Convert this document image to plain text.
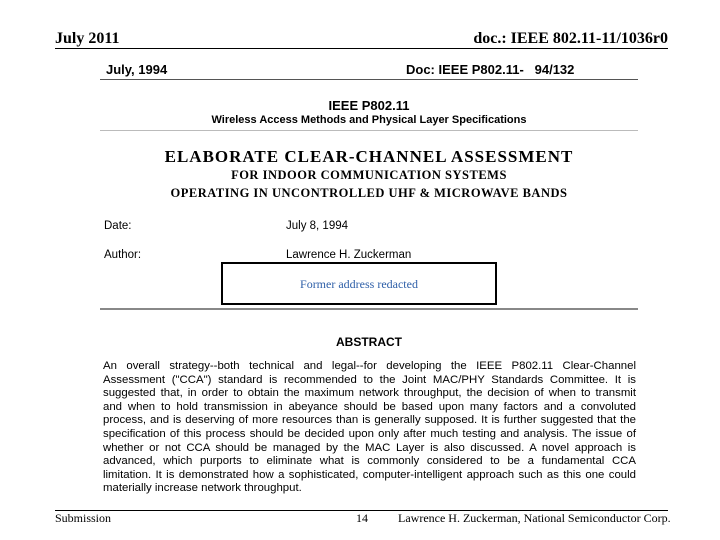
July 2011	doc.: IEEE 802.11-11/1036r0
July, 1994	Doc: IEEE P802.11-   94/132
IEEE P802.11
Wireless Access Methods and Physical Layer Specifications
ELABORATE CLEAR-CHANNEL ASSESSMENT
FOR INDOOR COMMUNICATION SYSTEMS
OPERATING IN UNCONTROLLED UHF & MICROWAVE BANDS
Date:	July 8, 1994
Author:	Lawrence H. Zuckerman
Former address redacted
ABSTRACT
An overall strategy--both technical and legal--for developing the IEEE P802.11 Clear-Channel
Assessment ("CCA") standard is recommended to the Joint MAC/PHY Standards Committee. It is
suggested that, in order to obtain the maximum network throughput, the decision of when to transmit
and when to hold transmission in abeyance should be based upon many factors and a convoluted
process, and is deserving of more resources than is generally supposed. It is further suggested that the
specification of this process should be decided upon only after much testing and analysis. The issue of
whether or not CCA should be managed by the MAC Layer is also discussed. A novel approach is
advanced, which purports to eliminate what is commonly considered to be a fundamental CCA
limitation. It is demonstrated how a sophisticated, computer-intelligent approach such as this one could
materially increase network throughput.
Submission	14	Lawrence H. Zuckerman, National Semiconductor Corp.
